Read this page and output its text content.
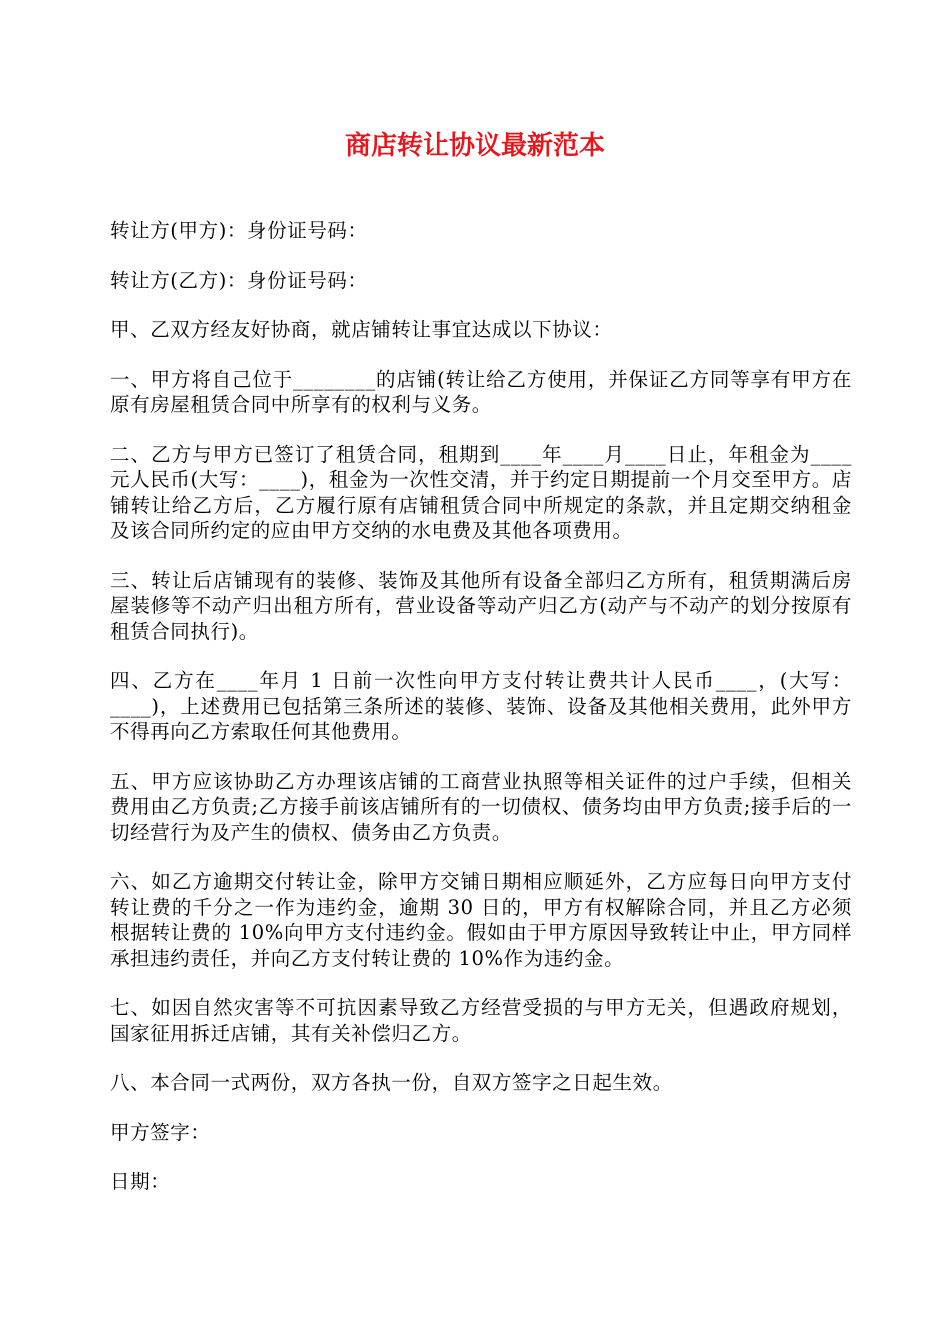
商店转让协议最新范本

转让方(甲方)：身份证号码：

转让方(乙方)：身份证号码：

甲、乙双方经友好协商，就店铺转让事宜达成以下协议：

一、甲方将自己位于________的店铺(转让给乙方使用，并保证乙方同等享有甲方在原有房屋租赁合同中所享有的权利与义务。

二、乙方与甲方已签订了租赁合同，租期到____年____月____日止，年租金为____元人民币(大写：____)，租金为一次性交清，并于约定日期提前一个月交至甲方。店铺转让给乙方后，乙方履行原有店铺租赁合同中所规定的条款，并且定期交纳租金及该合同所约定的应由甲方交纳的水电费及其他各项费用。

三、转让后店铺现有的装修、装饰及其他所有设备全部归乙方所有，租赁期满后房屋装修等不动产归出租方所有，营业设备等动产归乙方(动产与不动产的划分按原有租赁合同执行)。

四、乙方在____年月 1 日前一次性向甲方支付转让费共计人民币____，(大写：____)，上述费用已包括第三条所述的装修、装饰、设备及其他相关费用，此外甲方不得再向乙方索取任何其他费用。

五、甲方应该协助乙方办理该店铺的工商营业执照等相关证件的过户手续，但相关费用由乙方负责;乙方接手前该店铺所有的一切债权、债务均由甲方负责;接手后的一切经营行为及产生的债权、债务由乙方负责。

六、如乙方逾期交付转让金，除甲方交铺日期相应顺延外，乙方应每日向甲方支付转让费的千分之一作为违约金，逾期 30 日的，甲方有权解除合同，并且乙方必须根据转让费的 10%向甲方支付违约金。假如由于甲方原因导致转让中止，甲方同样承担违约责任，并向乙方支付转让费的 10%作为违约金。

七、如因自然灾害等不可抗因素导致乙方经营受损的与甲方无关，但遇政府规划，国家征用拆迁店铺，其有关补偿归乙方。

八、本合同一式两份，双方各执一份，自双方签字之日起生效。

甲方签字：

日期：
